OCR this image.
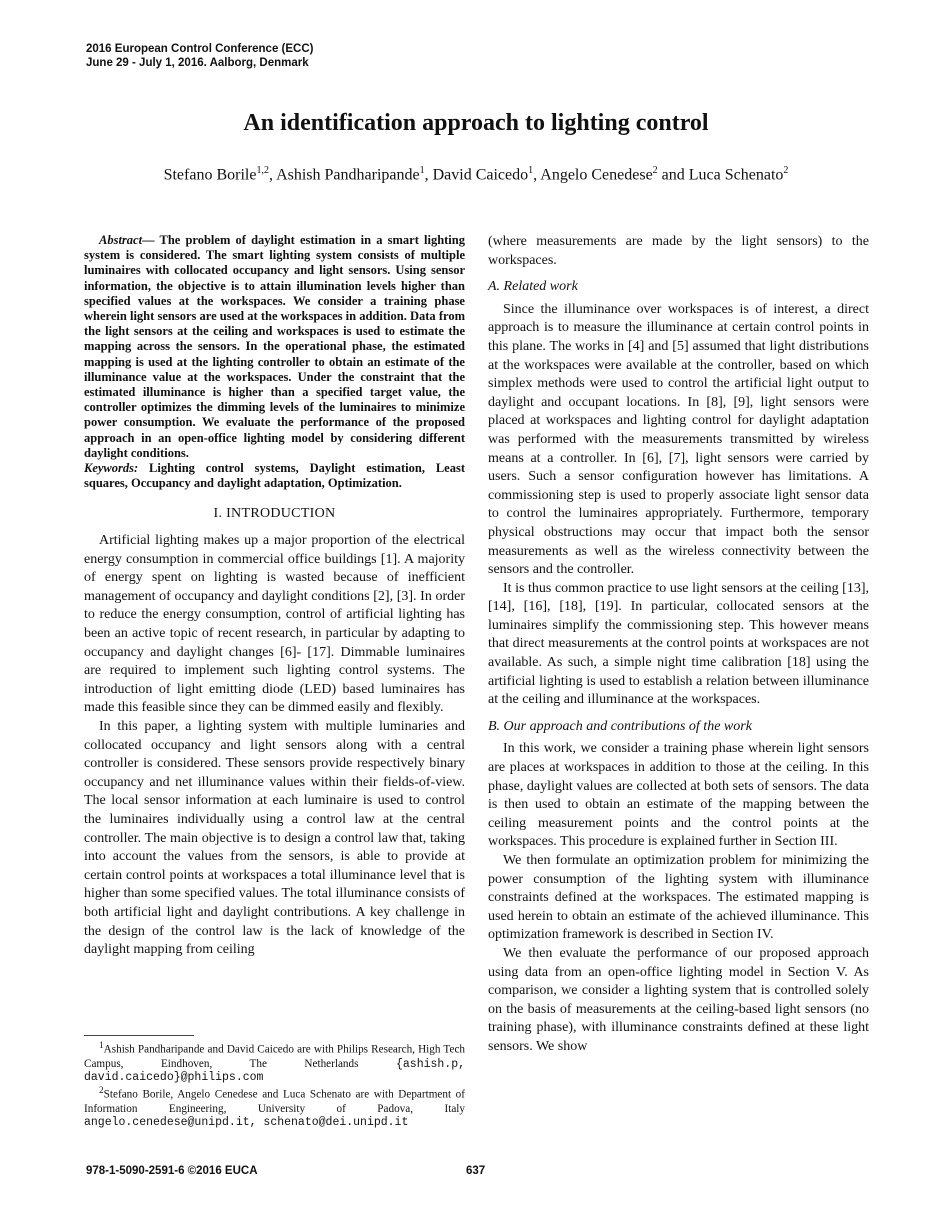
2016 European Control Conference (ECC)
June 29 - July 1, 2016. Aalborg, Denmark
An identification approach to lighting control
Stefano Borile$^{1,2}$, Ashish Pandharipande$^1$, David Caicedo$^1$, Angelo Cenedese$^2$ and Luca Schenato$^2$
Abstract— The problem of daylight estimation in a smart lighting system is considered. The smart lighting system consists of multiple luminaires with collocated occupancy and light sensors. Using sensor information, the objective is to attain illumination levels higher than specified values at the workspaces. We consider a training phase wherein light sensors are used at the workspaces in addition. Data from the light sensors at the ceiling and workspaces is used to estimate the mapping across the sensors. In the operational phase, the estimated mapping is used at the lighting controller to obtain an estimate of the illuminance value at the workspaces. Under the constraint that the estimated illuminance is higher than a specified target value, the controller optimizes the dimming levels of the luminaires to minimize power consumption. We evaluate the performance of the proposed approach in an open-office lighting model by considering different daylight conditions.
Keywords: Lighting control systems, Daylight estimation, Least squares, Occupancy and daylight adaptation, Optimization.
I. INTRODUCTION

Artificial lighting makes up a major proportion of the electrical energy consumption in commercial office buildings [1]. A majority of energy spent on lighting is wasted because of inefficient management of occupancy and daylight conditions [2], [3]. In order to reduce the energy consumption, control of artificial lighting has been an active topic of recent research, in particular by adapting to occupancy and daylight changes [6]- [17]. Dimmable luminaires are required to implement such lighting control systems. The introduction of light emitting diode (LED) based luminaires has made this feasible since they can be dimmed easily and flexibly.

In this paper, a lighting system with multiple luminaries and collocated occupancy and light sensors along with a central controller is considered. These sensors provide respectively binary occupancy and net illuminance values within their fields-of-view. The local sensor information at each luminaire is used to control the luminaires individually using a control law at the central controller. The main objective is to design a control law that, taking into account the values from the sensors, is able to provide at certain control points at workspaces a total illuminance level that is higher than some specified values. The total illuminance consists of both artificial light and daylight contributions. A key challenge in the design of the control law is the lack of knowledge of the daylight mapping from ceiling

$^1$Ashish Pandharipande and David Caicedo are with Philips Research, High Tech Campus, Eindhoven, The Netherlands {ashish.p, david.caicedo}@philips.com

$^2$Stefano Borile, Angelo Cenedese and Luca Schenato are with Department of Information Engineering, University of Padova, Italy angelo.cenedese@unipd.it, schenato@dei.unipd.it

(where measurements are made by the light sensors) to the workspaces.

A. Related work

Since the illuminance over workspaces is of interest, a direct approach is to measure the illuminance at certain control points in this plane. The works in [4] and [5] assumed that light distributions at the workspaces were available at the controller, based on which simplex methods were used to control the artificial light output to daylight and occupant locations. In [8], [9], light sensors were placed at workspaces and lighting control for daylight adaptation was performed with the measurements transmitted by wireless means at a controller. In [6], [7], light sensors were carried by users. Such a sensor configuration however has limitations. A commissioning step is used to properly associate light sensor data to control the luminaires appropriately. Furthermore, temporary physical obstructions may occur that impact both the sensor measurements as well as the wireless connectivity between the sensors and the controller.

It is thus common practice to use light sensors at the ceiling [13], [14], [16], [18], [19]. In particular, collocated sensors at the luminaires simplify the commissioning step. This however means that direct measurements at the control points at workspaces are not available. As such, a simple night time calibration [18] using the artificial lighting is used to establish a relation between illuminance at the ceiling and illuminance at the workspaces.

B. Our approach and contributions of the work

In this work, we consider a training phase wherein light sensors are places at workspaces in addition to those at the ceiling. In this phase, daylight values are collected at both sets of sensors. The data is then used to obtain an estimate of the mapping between the ceiling measurement points and the control points at the workspaces. This procedure is explained further in Section III.

We then formulate an optimization problem for minimizing the power consumption of the lighting system with illuminance constraints defined at the workspaces. The estimated mapping is used herein to obtain an estimate of the achieved illuminance. This optimization framework is described in Section IV.

We then evaluate the performance of our proposed approach using data from an open-office lighting model in Section V. As comparison, we consider a lighting system that is controlled solely on the basis of measurements at the ceiling-based light sensors (no training phase), with illuminance constraints defined at these light sensors. We show

978-1-5090-2591-6 ©2016 EUCA	637
